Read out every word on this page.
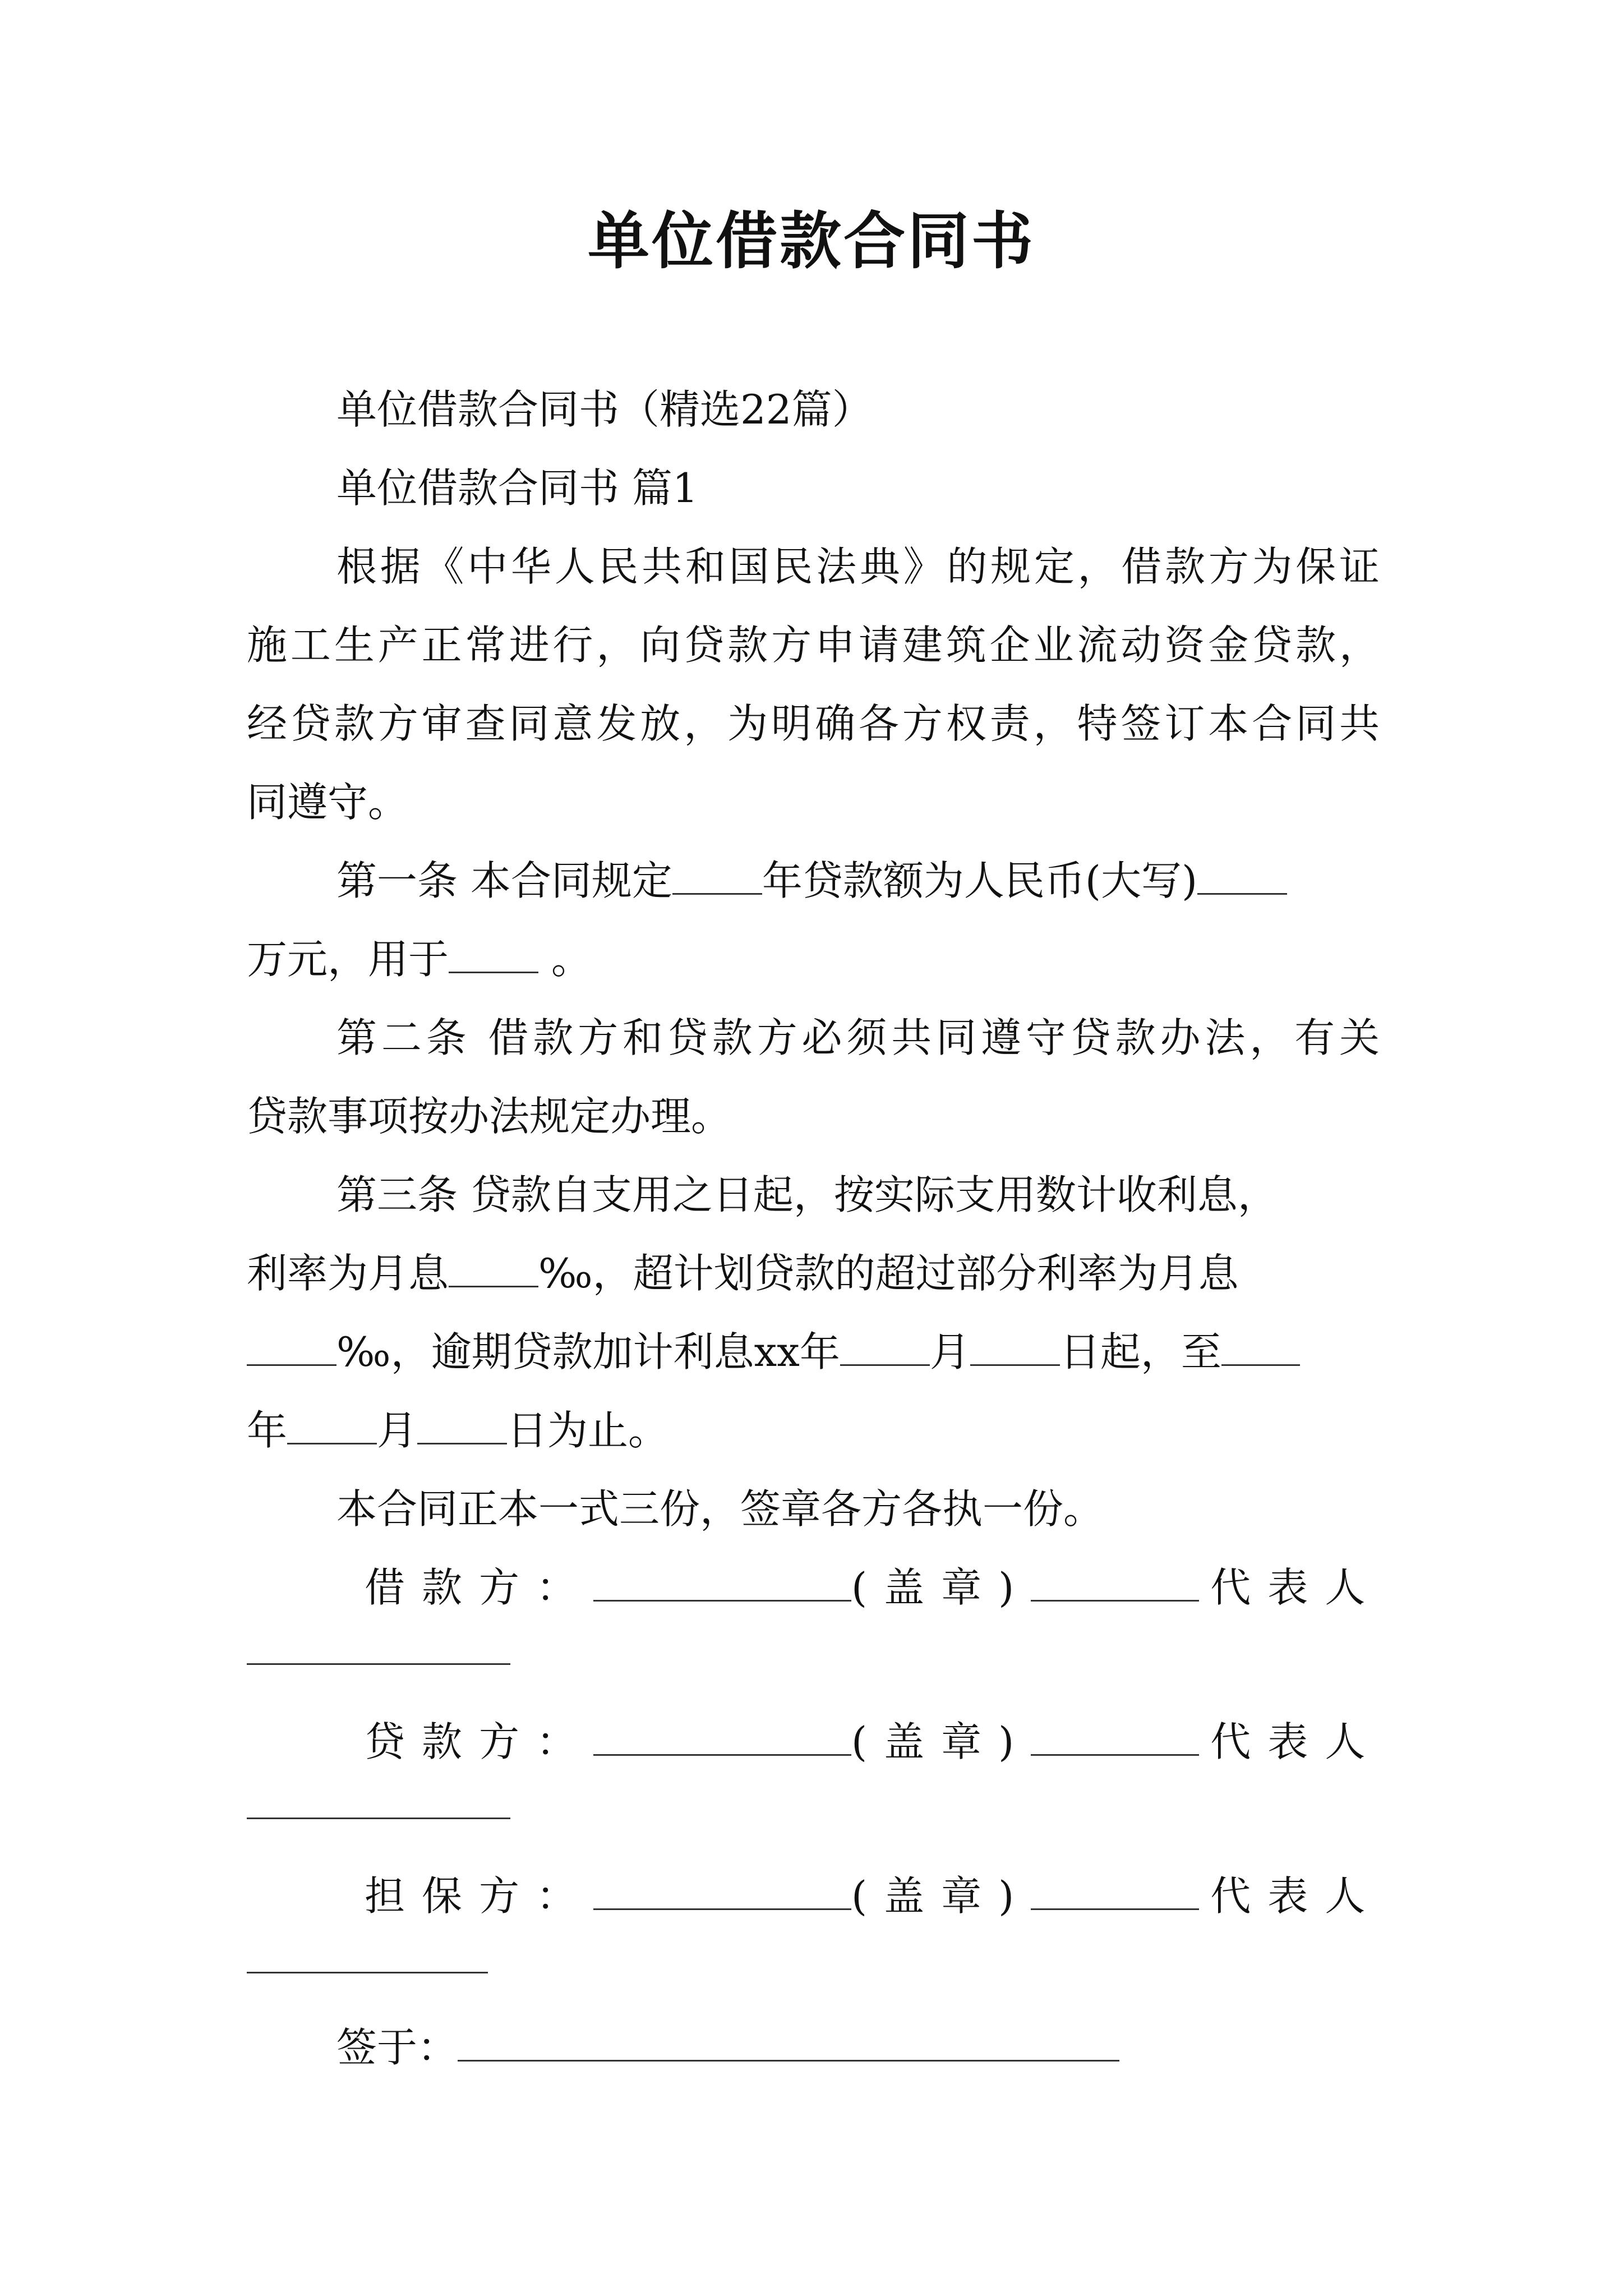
单位借款合同书
单位借款合同书（精选22篇）
单位借款合同书 篇1
根据《中华人民共和国民法典》的规定，借款方为保证
施工生产正常进行，向贷款方申请建筑企业流动资金贷款，
经贷款方审查同意发放，为明确各方权责，特签订本合同共
同遵守。
第一条 本合同规定 年贷款额为人民币(大写)
万元，用于 。
第二条 借款方和贷款方必须共同遵守贷款办法，有关
贷款事项按办法规定办理。
第三条 贷款自支用之日起，按实际支用数计收利息，
利率为月息 ‰，超计划贷款的超过部分利率为月息
‰，逾期贷款加计利息xx年 月 日起，至
年 月 日为止。
本合同正本一式三份，签章各方各执一份。
借款方：	(盖章)	代表人
贷款方：	(盖章)	代表人
担保方：	(盖章)	代表人
签于：
